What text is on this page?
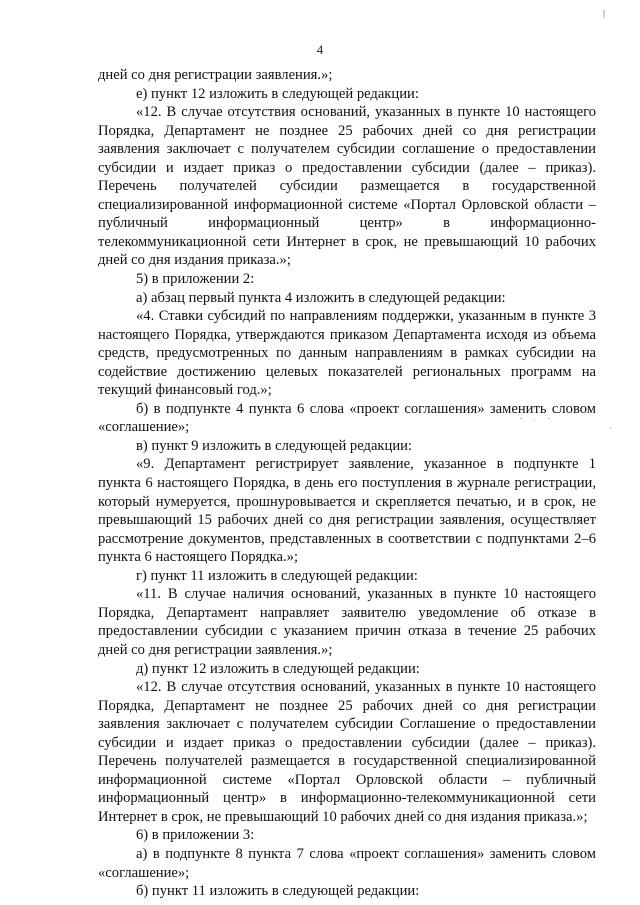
4

дней со дня регистрации заявления.»;

е) пункт 12 изложить в следующей редакции:

«12. В случае отсутствия оснований, указанных в пункте 10 настоящего Порядка, Департамент не позднее 25 рабочих дней со дня регистрации заявления заключает с получателем субсидии соглашение о предоставлении субсидии и издает приказ о предоставлении субсидии (далее – приказ). Перечень получателей субсидии размещается в государственной специализированной информационной системе «Портал Орловской области – публичный информационный центр» в информационно-телекоммуникационной сети Интернет в срок, не превышающий 10 рабочих дней со дня издания приказа.»;

5) в приложении 2:

а) абзац первый пункта 4 изложить в следующей редакции:

«4. Ставки субсидий по направлениям поддержки, указанным в пункте 3 настоящего Порядка, утверждаются приказом Департамента исходя из объема средств, предусмотренных по данным направлениям в рамках субсидии на содействие достижению целевых показателей региональных программ на текущий финансовый год.»;

б) в подпункте 4 пункта 6 слова «проект соглашения» заменить словом «соглашение»;

в) пункт 9 изложить в следующей редакции:

«9. Департамент регистрирует заявление, указанное в подпункте 1 пункта 6 настоящего Порядка, в день его поступления в журнале регистрации, который нумеруется, прошнуровывается и скрепляется печатью, и в срок, не превышающий 15 рабочих дней со дня регистрации заявления, осуществляет рассмотрение документов, представленных в соответствии с подпунктами 2–6 пункта 6 настоящего Порядка.»;

г) пункт 11 изложить в следующей редакции:

«11. В случае наличия оснований, указанных в пункте 10 настоящего Порядка, Департамент направляет заявителю уведомление об отказе в предоставлении субсидии с указанием причин отказа в течение 25 рабочих дней со дня регистрации заявления.»;

д) пункт 12 изложить в следующей редакции:

«12. В случае отсутствия оснований, указанных в пункте 10 настоящего Порядка, Департамент не позднее 25 рабочих дней со дня регистрации заявления заключает с получателем субсидии Соглашение о предоставлении субсидии и издает приказ о предоставлении субсидии (далее – приказ). Перечень получателей размещается в государственной специализированной информационной системе «Портал Орловской области – публичный информационный центр» в информационно-телекоммуникационной сети Интернет в срок, не превышающий 10 рабочих дней со дня издания приказа.»;

6) в приложении 3:

а) в подпункте 8 пункта 7 слова «проект соглашения» заменить словом «соглашение»;

б) пункт 11 изложить в следующей редакции:
